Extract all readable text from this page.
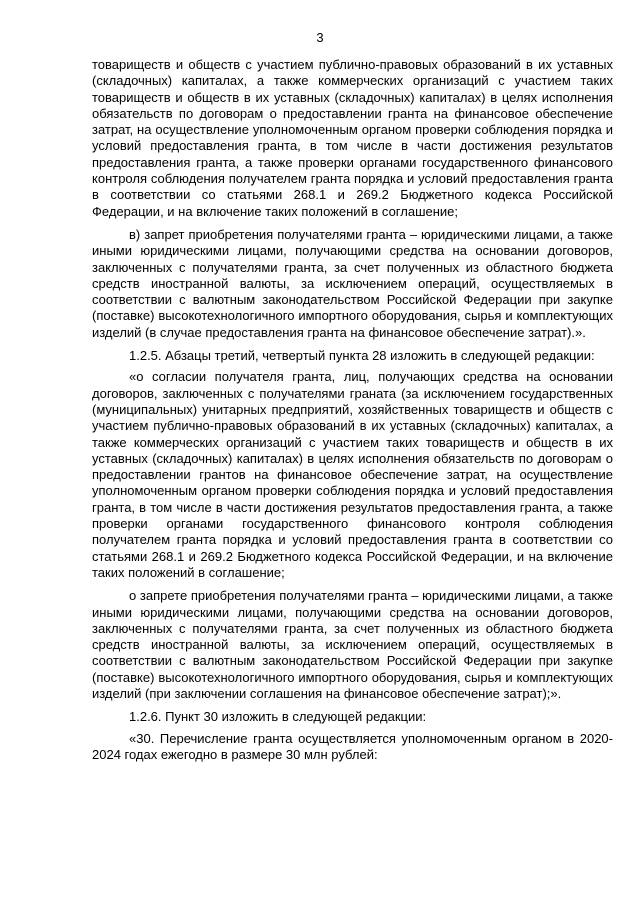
3

товариществ и обществ с участием публично-правовых образований в их уставных (складочных) капиталах, а также коммерческих организаций с участием таких товариществ и обществ в их уставных (складочных) капиталах) в целях исполнения обязательств по договорам о предоставлении гранта на финансовое обеспечение затрат, на осуществление уполномоченным органом проверки соблюдения порядка и условий предоставления гранта, в том числе в части достижения результатов предоставления гранта, а также проверки органами государственного финансового контроля соблюдения получателем гранта порядка и условий предоставления гранта в соответствии со статьями 268.1 и 269.2 Бюджетного кодекса Российской Федерации, и на включение таких положений в соглашение;

в) запрет приобретения получателями гранта – юридическими лицами, а также иными юридическими лицами, получающими средства на основании договоров, заключенных с получателями гранта, за счет полученных из областного бюджета средств иностранной валюты, за исключением операций, осуществляемых в соответствии с валютным законодательством Российской Федерации при закупке (поставке) высокотехнологичного импортного оборудования, сырья и комплектующих изделий (в случае предоставления гранта на финансовое обеспечение затрат).».

1.2.5. Абзацы третий, четвертый пункта 28 изложить в следующей редакции:

«о согласии получателя гранта, лиц, получающих средства на основании договоров, заключенных с получателями граната (за исключением государственных (муниципальных) унитарных предприятий, хозяйственных товариществ и обществ с участием публично-правовых образований в их уставных (складочных) капиталах, а также коммерческих организаций с участием таких товариществ и обществ в их уставных (складочных) капиталах) в целях исполнения обязательств по договорам о предоставлении грантов на финансовое обеспечение затрат, на осуществление уполномоченным органом проверки соблюдения порядка и условий предоставления гранта, в том числе в части достижения результатов предоставления гранта, а также проверки органами государственного финансового контроля соблюдения получателем гранта порядка и условий предоставления гранта в соответствии со статьями 268.1 и 269.2 Бюджетного кодекса Российской Федерации, и на включение таких положений в соглашение;

о запрете приобретения получателями гранта – юридическими лицами, а также иными юридическими лицами, получающими средства на основании договоров, заключенных с получателями гранта, за счет полученных из областного бюджета средств иностранной валюты, за исключением операций, осуществляемых в соответствии с валютным законодательством Российской Федерации при закупке (поставке) высокотехнологичного импортного оборудования, сырья и комплектующих изделий (при заключении соглашения на финансовое обеспечение затрат);».

1.2.6. Пункт 30 изложить в следующей редакции:

«30. Перечисление гранта осуществляется уполномоченным органом в 2020-2024 годах ежегодно в размере 30 млн рублей:
